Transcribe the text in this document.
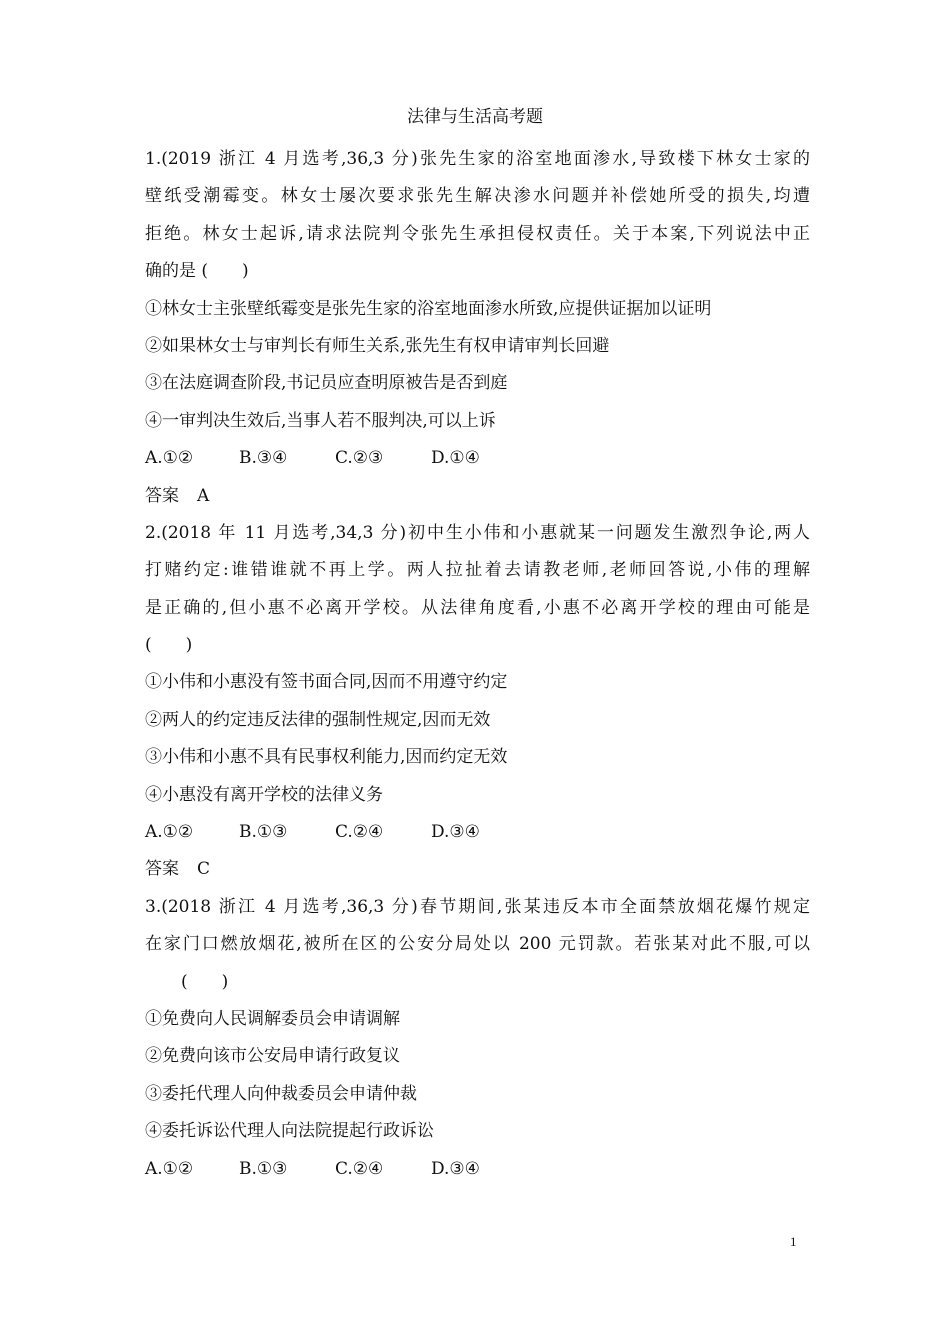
法律与生活高考题
1.(2019 浙江 4 月选考,36,3 分)张先生家的浴室地面渗水,导致楼下林女士家的
壁纸受潮霉变。林女士屡次要求张先生解决渗水问题并补偿她所受的损失,均遭
拒绝。林女士起诉,请求法院判令张先生承担侵权责任。关于本案,下列说法中正
确的是 (　　)
①林女士主张壁纸霉变是张先生家的浴室地面渗水所致,应提供证据加以证明
②如果林女士与审判长有师生关系,张先生有权申请审判长回避
③在法庭调查阶段,书记员应查明原被告是否到庭
④一审判决生效后,当事人若不服判决,可以上诉
A.①②	B.③④	C.②③	D.①④
答案 A
2.(2018 年 11 月选考,34,3 分)初中生小伟和小惠就某一问题发生激烈争论,两人
打赌约定:谁错谁就不再上学。两人拉扯着去请教老师,老师回答说,小伟的理解
是正确的,但小惠不必离开学校。从法律角度看,小惠不必离开学校的理由可能是
(　　)
①小伟和小惠没有签书面合同,因而不用遵守约定
②两人的约定违反法律的强制性规定,因而无效
③小伟和小惠不具有民事权利能力,因而约定无效
④小惠没有离开学校的法律义务
A.①②	B.①③	C.②④	D.③④
答案 C
3.(2018 浙江 4 月选考,36,3 分)春节期间,张某违反本市全面禁放烟花爆竹规定
在家门口燃放烟花,被所在区的公安分局处以 200 元罚款。若张某对此不服,可以
(　　)
①免费向人民调解委员会申请调解
②免费向该市公安局申请行政复议
③委托代理人向仲裁委员会申请仲裁
④委托诉讼代理人向法院提起行政诉讼
A.①②	B.①③	C.②④	D.③④
1
